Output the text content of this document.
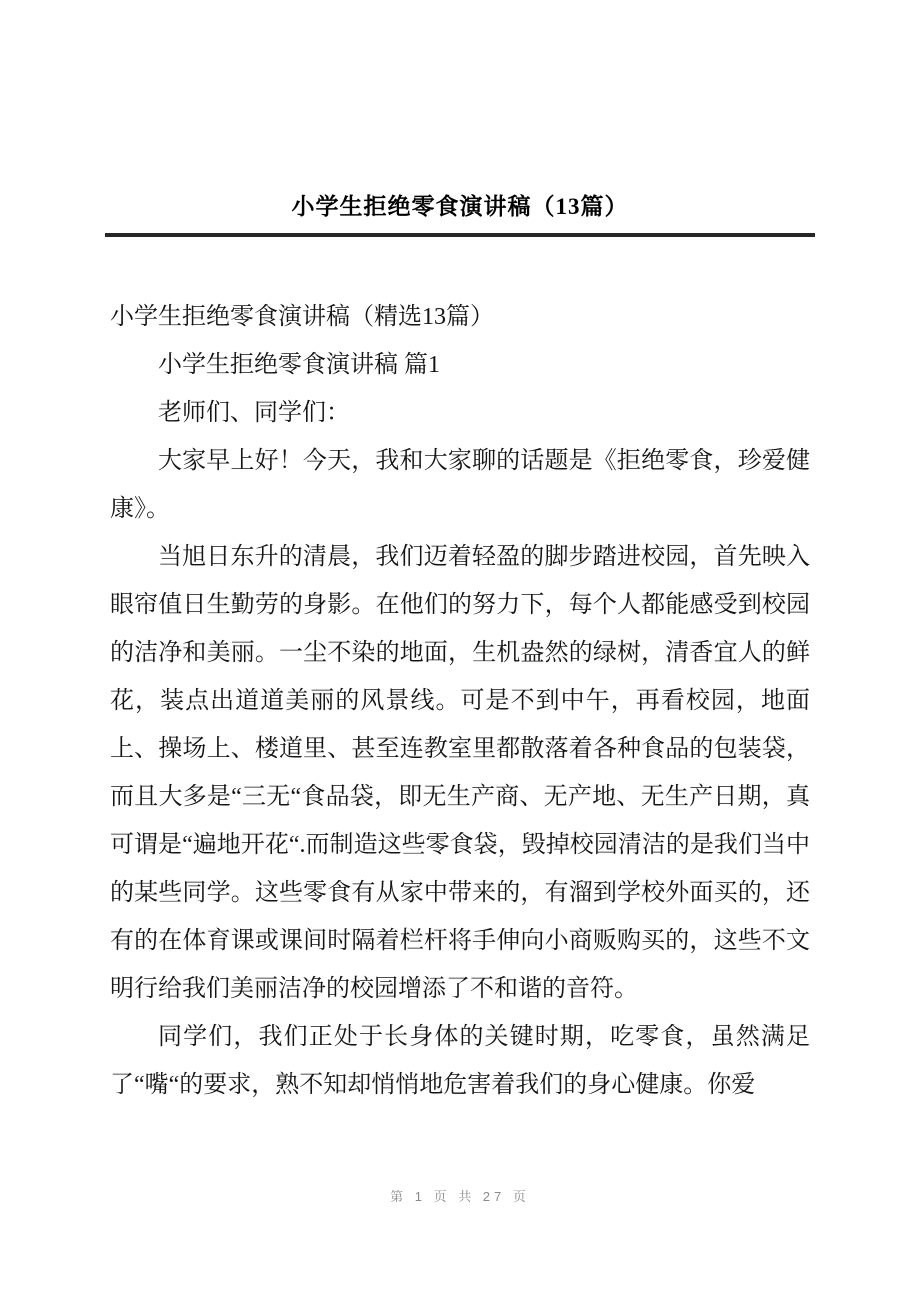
小学生拒绝零食演讲稿（13篇）

小学生拒绝零食演讲稿（精选13篇）

小学生拒绝零食演讲稿 篇1

老师们、同学们：

大家早上好！今天，我和大家聊的话题是《拒绝零食，珍爱健康》。

当旭日东升的清晨，我们迈着轻盈的脚步踏进校园，首先映入眼帘值日生勤劳的身影。在他们的努力下，每个人都能感受到校园的洁净和美丽。一尘不染的地面，生机盎然的绿树，清香宜人的鲜花，装点出道道美丽的风景线。可是不到中午，再看校园，地面上、操场上、楼道里、甚至连教室里都散落着各种食品的包装袋，而且大多是“三无“食品袋，即无生产商、无产地、无生产日期，真可谓是“遍地开花“.而制造这些零食袋，毁掉校园清洁的是我们当中的某些同学。这些零食有从家中带来的，有溜到学校外面买的，还有的在体育课或课间时隔着栏杆将手伸向小商贩购买的，这些不文明行给我们美丽洁净的校园增添了不和谐的音符。

同学们，我们正处于长身体的关键时期，吃零食，虽然满足了“嘴“的要求，熟不知却悄悄地危害着我们的身心健康。你爱

第 1 页 共 27 页
